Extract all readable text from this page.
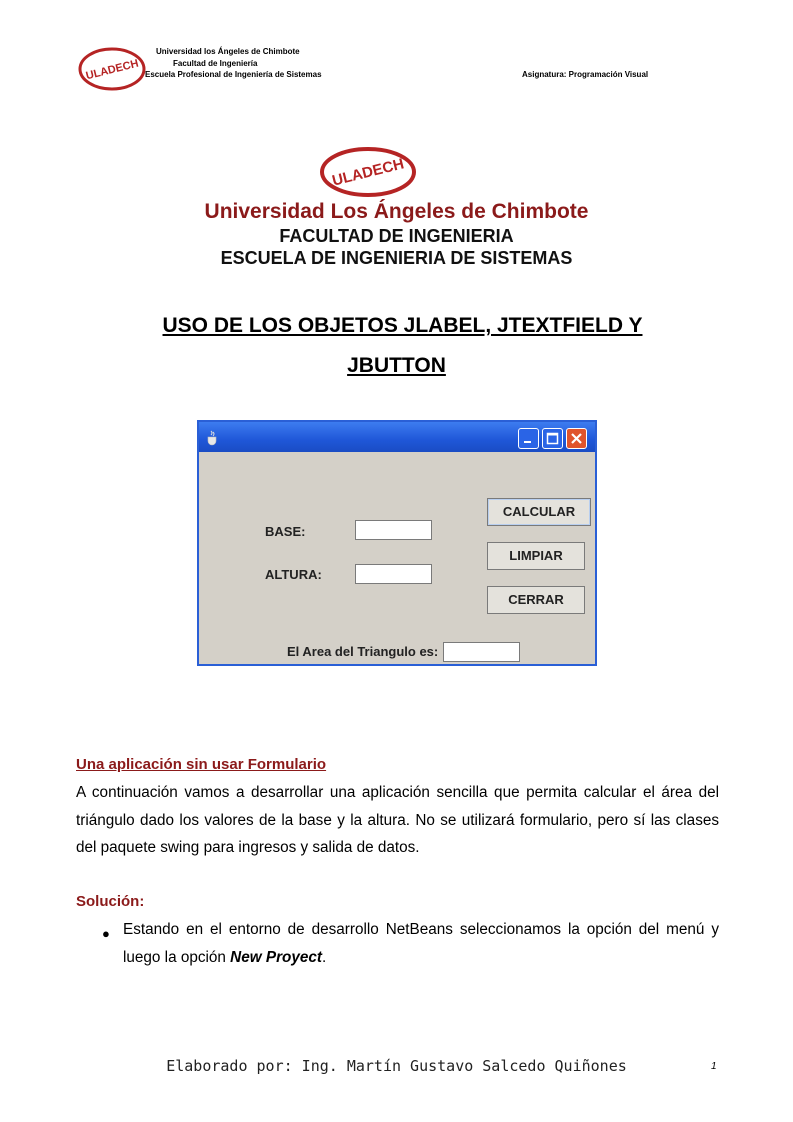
ULADECH
Universidad los Ángeles de Chimbote
Facultad de Ingeniería
Escuela Profesional de Ingeniería de Sistemas	Asignatura: Programación Visual
ULADECH
Universidad Los Ángeles de Chimbote
FACULTAD DE INGENIERIA
ESCUELA DE INGENIERIA DE SISTEMAS
USO DE LOS OBJETOS JLABEL, JTEXTFIELD Y
JBUTTON
BASE:
ALTURA:
El Area del Triangulo es:
CALCULAR
LIMPIAR
CERRAR
Una aplicación sin usar Formulario
A continuación vamos a desarrollar una aplicación sencilla que permita calcular el área del triángulo dado los valores de la base y la altura. No se utilizará formulario, pero sí las clases del paquete swing para ingresos y salida de datos.
Solución:
● Estando en el entorno de desarrollo NetBeans seleccionamos la opción del menú y luego la opción New Proyect.
Elaborado por: Ing. Martín Gustavo Salcedo Quiñones	1
